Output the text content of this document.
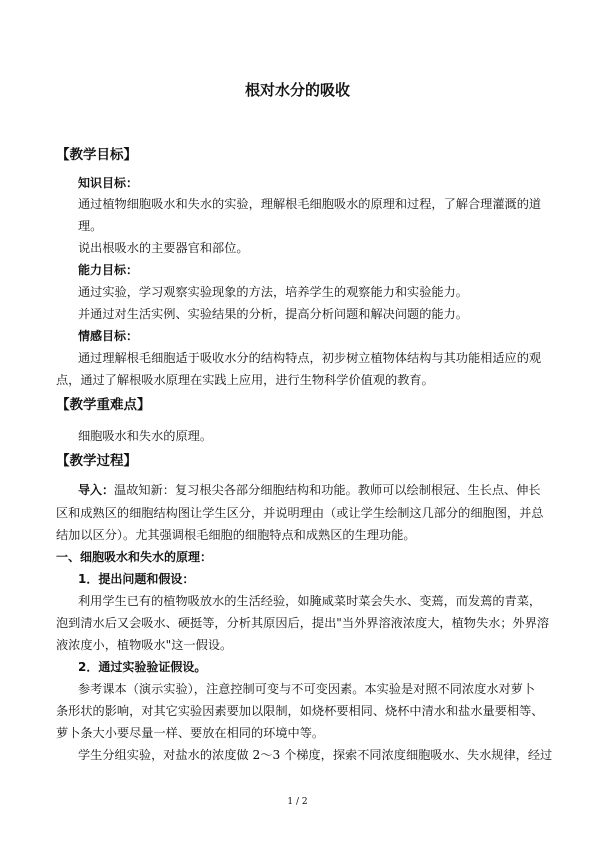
根对水分的吸收
【教学目标】
知识目标：
通过植物细胞吸水和失水的实验，理解根毛细胞吸水的原理和过程，了解合理灌溉的道
理。
说出根吸水的主要器官和部位。
能力目标：
通过实验，学习观察实验现象的方法，培养学生的观察能力和实验能力。
并通过对生活实例、实验结果的分析，提高分析问题和解决问题的能力。
情感目标：
通过理解根毛细胞适于吸收水分的结构特点，初步树立植物体结构与其功能相适应的观
点，通过了解根吸水原理在实践上应用，进行生物科学价值观的教育。
【教学重难点】
细胞吸水和失水的原理。
【教学过程】
导入：温故知新：复习根尖各部分细胞结构和功能。教师可以绘制根冠、生长点、伸长
区和成熟区的细胞结构图让学生区分，并说明理由（或让学生绘制这几部分的细胞图，并总
结加以区分）。尤其强调根毛细胞的细胞特点和成熟区的生理功能。
一、细胞吸水和失水的原理：
1．提出问题和假设：
利用学生已有的植物吸放水的生活经验，如腌咸菜时菜会失水、变蔫，而发蔫的青菜，
泡到清水后又会吸水、硬挺等，分析其原因后，提出"当外界溶液浓度大，植物失水；外界溶
液浓度小，植物吸水"这一假设。
2．通过实验验证假设。
参考课本（演示实验），注意控制可变与不可变因素。本实验是对照不同浓度水对萝卜
条形状的影响，对其它实验因素要加以限制，如烧杯要相同、烧杯中清水和盐水量要相等、
萝卜条大小要尽量一样、要放在相同的环境中等。
学生分组实验，对盐水的浓度做 2～3 个梯度，探索不同浓度细胞吸水、失水规律，经过
1 / 2
